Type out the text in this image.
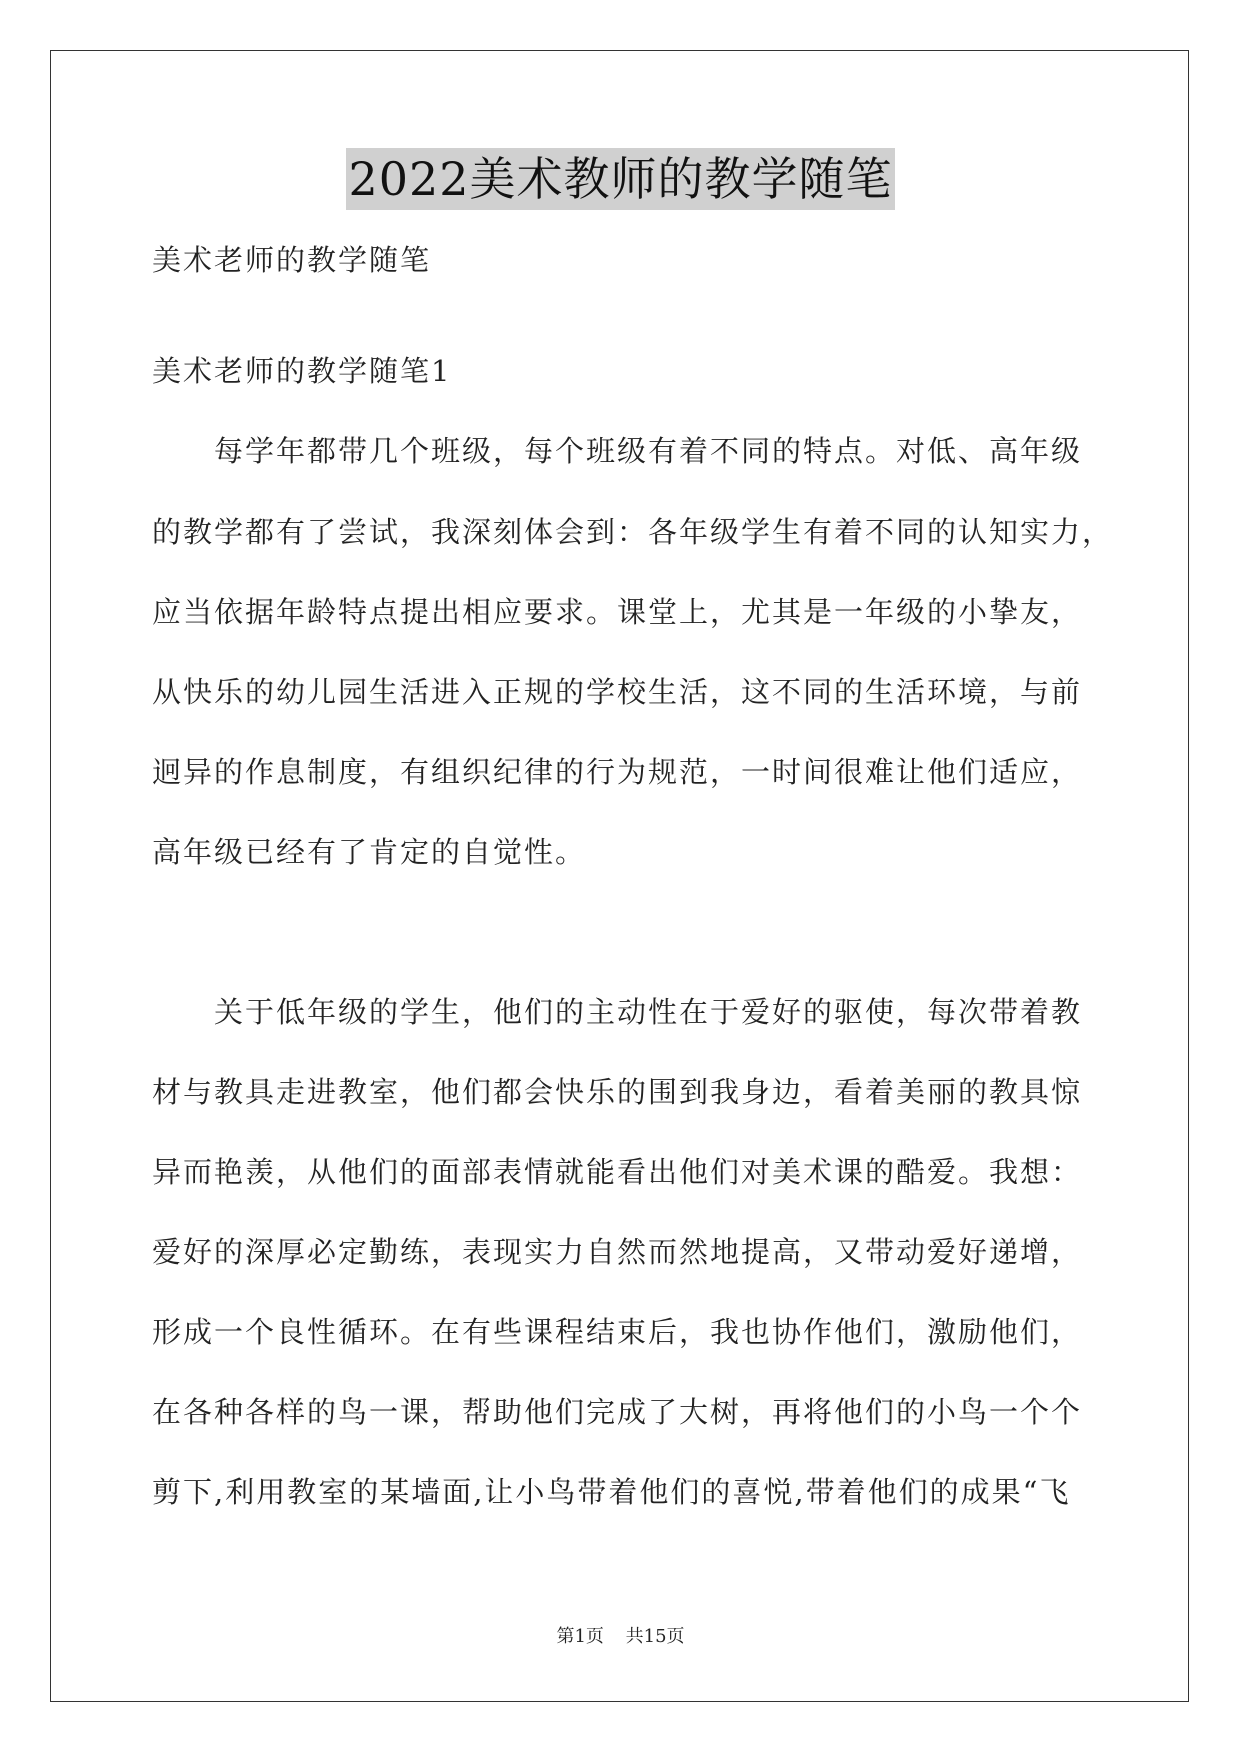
2022美术教师的教学随笔
美术老师的教学随笔
美术老师的教学随笔1
　　每学年都带几个班级，每个班级有着不同的特点。对低、高年级
的教学都有了尝试，我深刻体会到：各年级学生有着不同的认知实力，
应当依据年龄特点提出相应要求。课堂上，尤其是一年级的小挚友，
从快乐的幼儿园生活进入正规的学校生活，这不同的生活环境，与前
迥异的作息制度，有组织纪律的行为规范，一时间很难让他们适应，
高年级已经有了肯定的自觉性。
　　关于低年级的学生，他们的主动性在于爱好的驱使，每次带着教
材与教具走进教室，他们都会快乐的围到我身边，看着美丽的教具惊
异而艳羡，从他们的面部表情就能看出他们对美术课的酷爱。我想：
爱好的深厚必定勤练，表现实力自然而然地提高，又带动爱好递增，
形成一个良性循环。在有些课程结束后，我也协作他们，激励他们，
在各种各样的鸟一课，帮助他们完成了大树，再将他们的小鸟一个个
剪下,利用教室的某墙面,让小鸟带着他们的喜悦,带着他们的成果“飞
第1页 共15页
